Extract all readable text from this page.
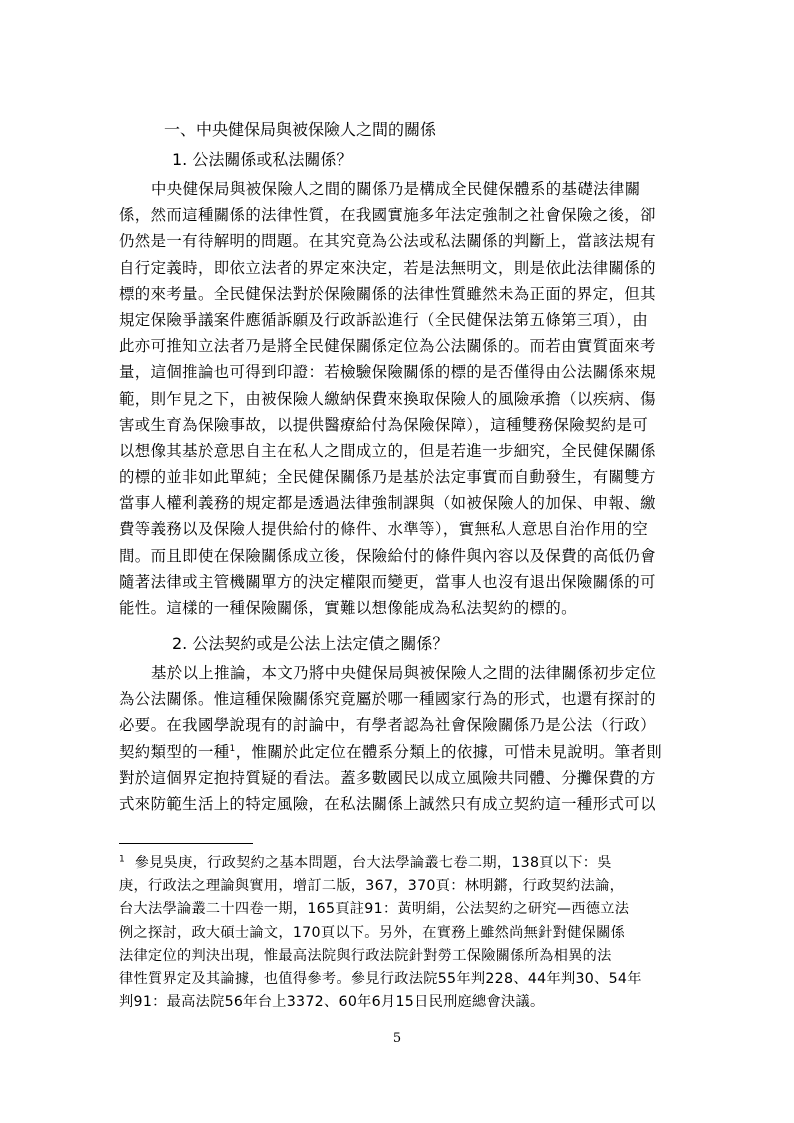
一、中央健保局與被保險人之間的關係
1. 公法關係或私法關係？
中央健保局與被保險人之間的關係乃是構成全民健保體系的基礎法律關
係，然而這種關係的法律性質，在我國實施多年法定強制之社會保險之後，卻
仍然是一有待解明的問題。在其究竟為公法或私法關係的判斷上，當該法規有
自行定義時，即依立法者的界定來決定，若是法無明文，則是依此法律關係的
標的來考量。全民健保法對於保險關係的法律性質雖然未為正面的界定，但其
規定保險爭議案件應循訴願及行政訴訟進行（全民健保法第五條第三項），由
此亦可推知立法者乃是將全民健保關係定位為公法關係的。而若由實質面來考
量，這個推論也可得到印證：若檢驗保險關係的標的是否僅得由公法關係來規
範，則乍見之下，由被保險人繳納保費來換取保險人的風險承擔（以疾病、傷
害或生育為保險事故，以提供醫療給付為保險保障），這種雙務保險契約是可
以想像其基於意思自主在私人之間成立的，但是若進一步細究，全民健保關係
的標的並非如此單純；全民健保關係乃是基於法定事實而自動發生，有關雙方
當事人權利義務的規定都是透過法律強制課與（如被保險人的加保、申報、繳
費等義務以及保險人提供給付的條件、水準等），實無私人意思自治作用的空
間。而且即使在保險關係成立後，保險給付的條件與內容以及保費的高低仍會
隨著法律或主管機關單方的決定權限而變更，當事人也沒有退出保險關係的可
能性。這樣的一種保險關係，實難以想像能成為私法契約的標的。
2. 公法契約或是公法上法定債之關係？
基於以上推論，本文乃將中央健保局與被保險人之間的法律關係初步定位
為公法關係。惟這種保險關係究竟屬於哪一種國家行為的形式，也還有探討的
必要。在我國學說現有的討論中，有學者認為社會保險關係乃是公法（行政）
契約類型的一種$^1$，惟關於此定位在體系分類上的依據，可惜未見說明。筆者則
對於這個界定抱持質疑的看法。蓋多數國民以成立風險共同體、分攤保費的方
式來防範生活上的特定風險，在私法關係上誠然只有成立契約這一種形式可以
$^1$ 參見吳庚，行政契約之基本問題，台大法學論叢七卷二期，138頁以下：吳
庚，行政法之理論與實用，增訂二版，367，370頁：林明鏘，行政契約法論，
台大法學論叢二十四卷一期，165頁註91：黃明絹，公法契約之研究—西德立法
例之探討，政大碩士論文，170頁以下。另外，在實務上雖然尚無針對健保關係
法律定位的判決出現，惟最高法院與行政法院針對勞工保險關係所為相異的法
律性質界定及其論據，也值得參考。參見行政法院55年判228、44年判30、54年
判91：最高法院56年台上3372、60年6月15日民刑庭總會決議。
5
